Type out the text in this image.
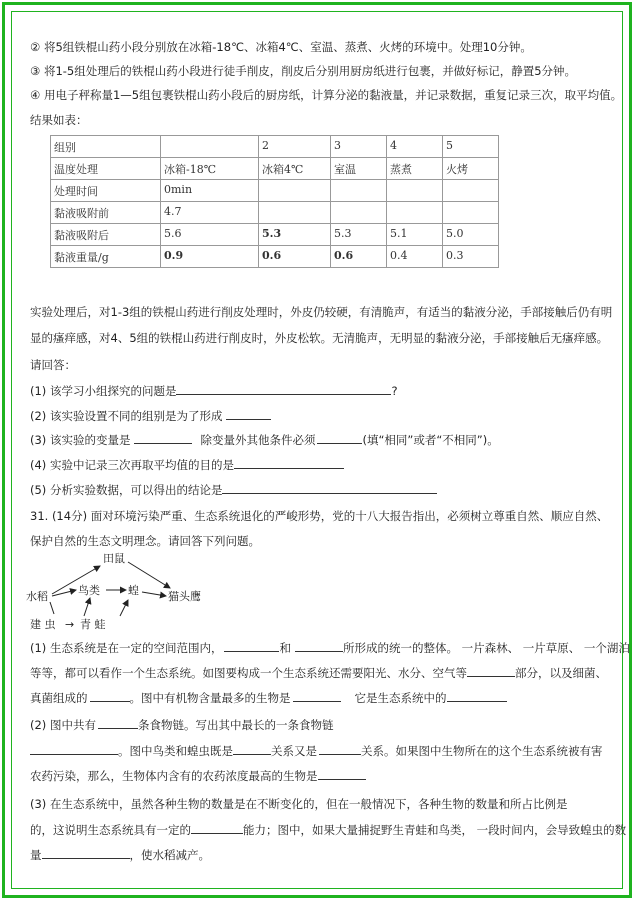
② 将5组铁棍山药小段分别放在冰箱-18℃、冰箱4℃、室温、蒸煮、火烤的环境中。处理10分钟。
③ 将1-5组处理后的铁棍山药小段进行徒手削皮，削皮后分别用厨房纸进行包裹，并做好标记，静置5分钟。
④ 用电子秤称量1—5组包裹铁棍山药小段后的厨房纸，计算分泌的黏液量，并记录数据，重复记录三次，取平均值。
结果如表：
组别		2	3	4	5
温度处理	冰箱-18℃	冰箱4℃	室温	蒸煮	火烤
处理时间	0min				
黏液吸附前	4.7				
黏液吸附后	5.6	5.3	5.3	5.1	5.0
黏液重量/g	0.9	0.6	0.6	0.4	0.3
实验处理后，对1-3组的铁棍山药进行削皮处理时，外皮仍较硬，有清脆声，有适当的黏液分泌，手部接触后仍有明
显的瘙痒感，对4、5组的铁棍山药进行削皮时，外皮松软。无清脆声，无明显的黏液分泌，手部接触后无瘙痒感。
请回答：
(1) 该学习小组探究的问题是	?
(2) 该实验设置不同的组别是为了形成
(3) 该实验的变量是	除变量外其他条件必须	(填“相同”或者“不相同”)。
(4) 实验中记录三次再取平均值的目的是
(5) 分析实验数据，可以得出的结论是
31. (14分) 面对环境污染严重、生态系统退化的严峻形势，党的十八大报告指出，必须树立尊重自然、顺应自然、
保护自然的生态文明理念。请回答下列问题。
田鼠
水稻	鸟类	蝗	猫头鹰
建 虫 → 青 蛙
(1) 生态系统是在一定的空间范围内，	和	所形成的统一的整体。 一片森林、 一片草原、 一个湖泊
等等，都可以看作一个生态系统。如图要构成一个生态系统还需要阳光、水分、空气等	部分，以及细菌、
真菌组成的	。图中有机物含量最多的生物是	它是生态系统中的
(2) 图中共有	条食物链。写出其中最长的一条食物链
。图中鸟类和蝗虫既是	关系又是	关系。如果图中生物所在的这个生态系统被有害
农药污染，那么，生物体内含有的农药浓度最高的生物是
(3) 在生态系统中，虽然各种生物的数量是在不断变化的，但在一般情况下，各种生物的数量和所占比例是
的，这说明生态系统具有一定的	能力；图中，如果大量捕捉野生青蛙和鸟类， 一段时间内，会导致蝗虫的数
量	，使水稻减产。
